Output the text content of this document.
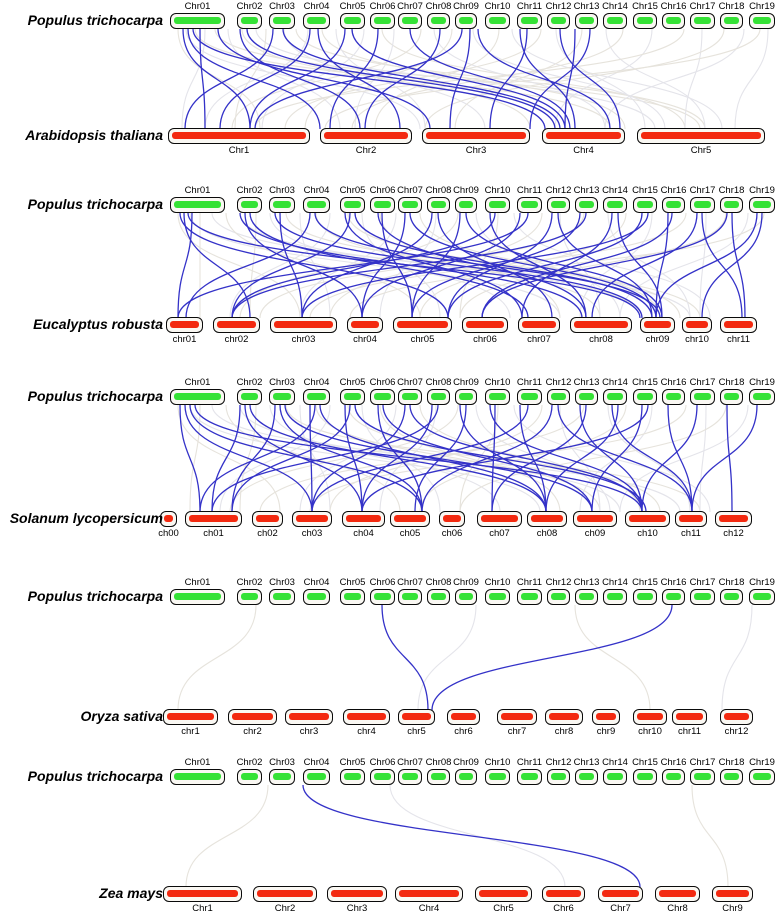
Chr01	Chr02 Chr03 Chr04	Chr05 Chr06 Chr07 Chr08 Chr09 Chr10 Chr11 Chr12 Chr13 Chr14 Chr15 Chr16 Chr17 Chr18 Chr19
Chr1	Chr2	Chr3	Chr4	Chr5
Populus trichocarpa
Arabidopsis thaliana
Chr01	Chr02 Chr03 Chr04	Chr05 Chr06 Chr07 Chr08 Chr09 Chr10 Chr11 Chr12 Chr13 Chr14 Chr15 Chr16 Chr17 Chr18 Chr19
chr01	chr02	chr03	chr04	chr05	chr06	chr07	chr08	chr09	chr10	chr11
Populus trichocarpa
Eucalyptus robusta
Chr01	Chr02 Chr03 Chr04	Chr05 Chr06 Chr07 Chr08 Chr09 Chr10 Chr11 Chr12 Chr13 Chr14 Chr15 Chr16 Chr17 Chr18 Chr19
ch00	ch01	ch02	ch03	ch04	ch05	ch06	ch07	ch08	ch09	ch10	ch11	ch12
Populus trichocarpa
Solanum lycopersicum
Chr01	Chr02 Chr03 Chr04	Chr05 Chr06 Chr07 Chr08 Chr09 Chr10 Chr11 Chr12 Chr13 Chr14 Chr15 Chr16 Chr17 Chr18 Chr19
chr1	chr2	chr3	chr4	chr5	chr6	chr7	chr8	chr9	chr10	chr11	chr12
Populus trichocarpa
Oryza sativa
Chr01	Chr02 Chr03 Chr04	Chr05 Chr06 Chr07 Chr08 Chr09 Chr10 Chr11 Chr12 Chr13 Chr14 Chr15 Chr16 Chr17 Chr18 Chr19
Chr1	Chr2	Chr3	Chr4	Chr5	Chr6	Chr7	Chr8	Chr9
Populus trichocarpa
Zea mays
